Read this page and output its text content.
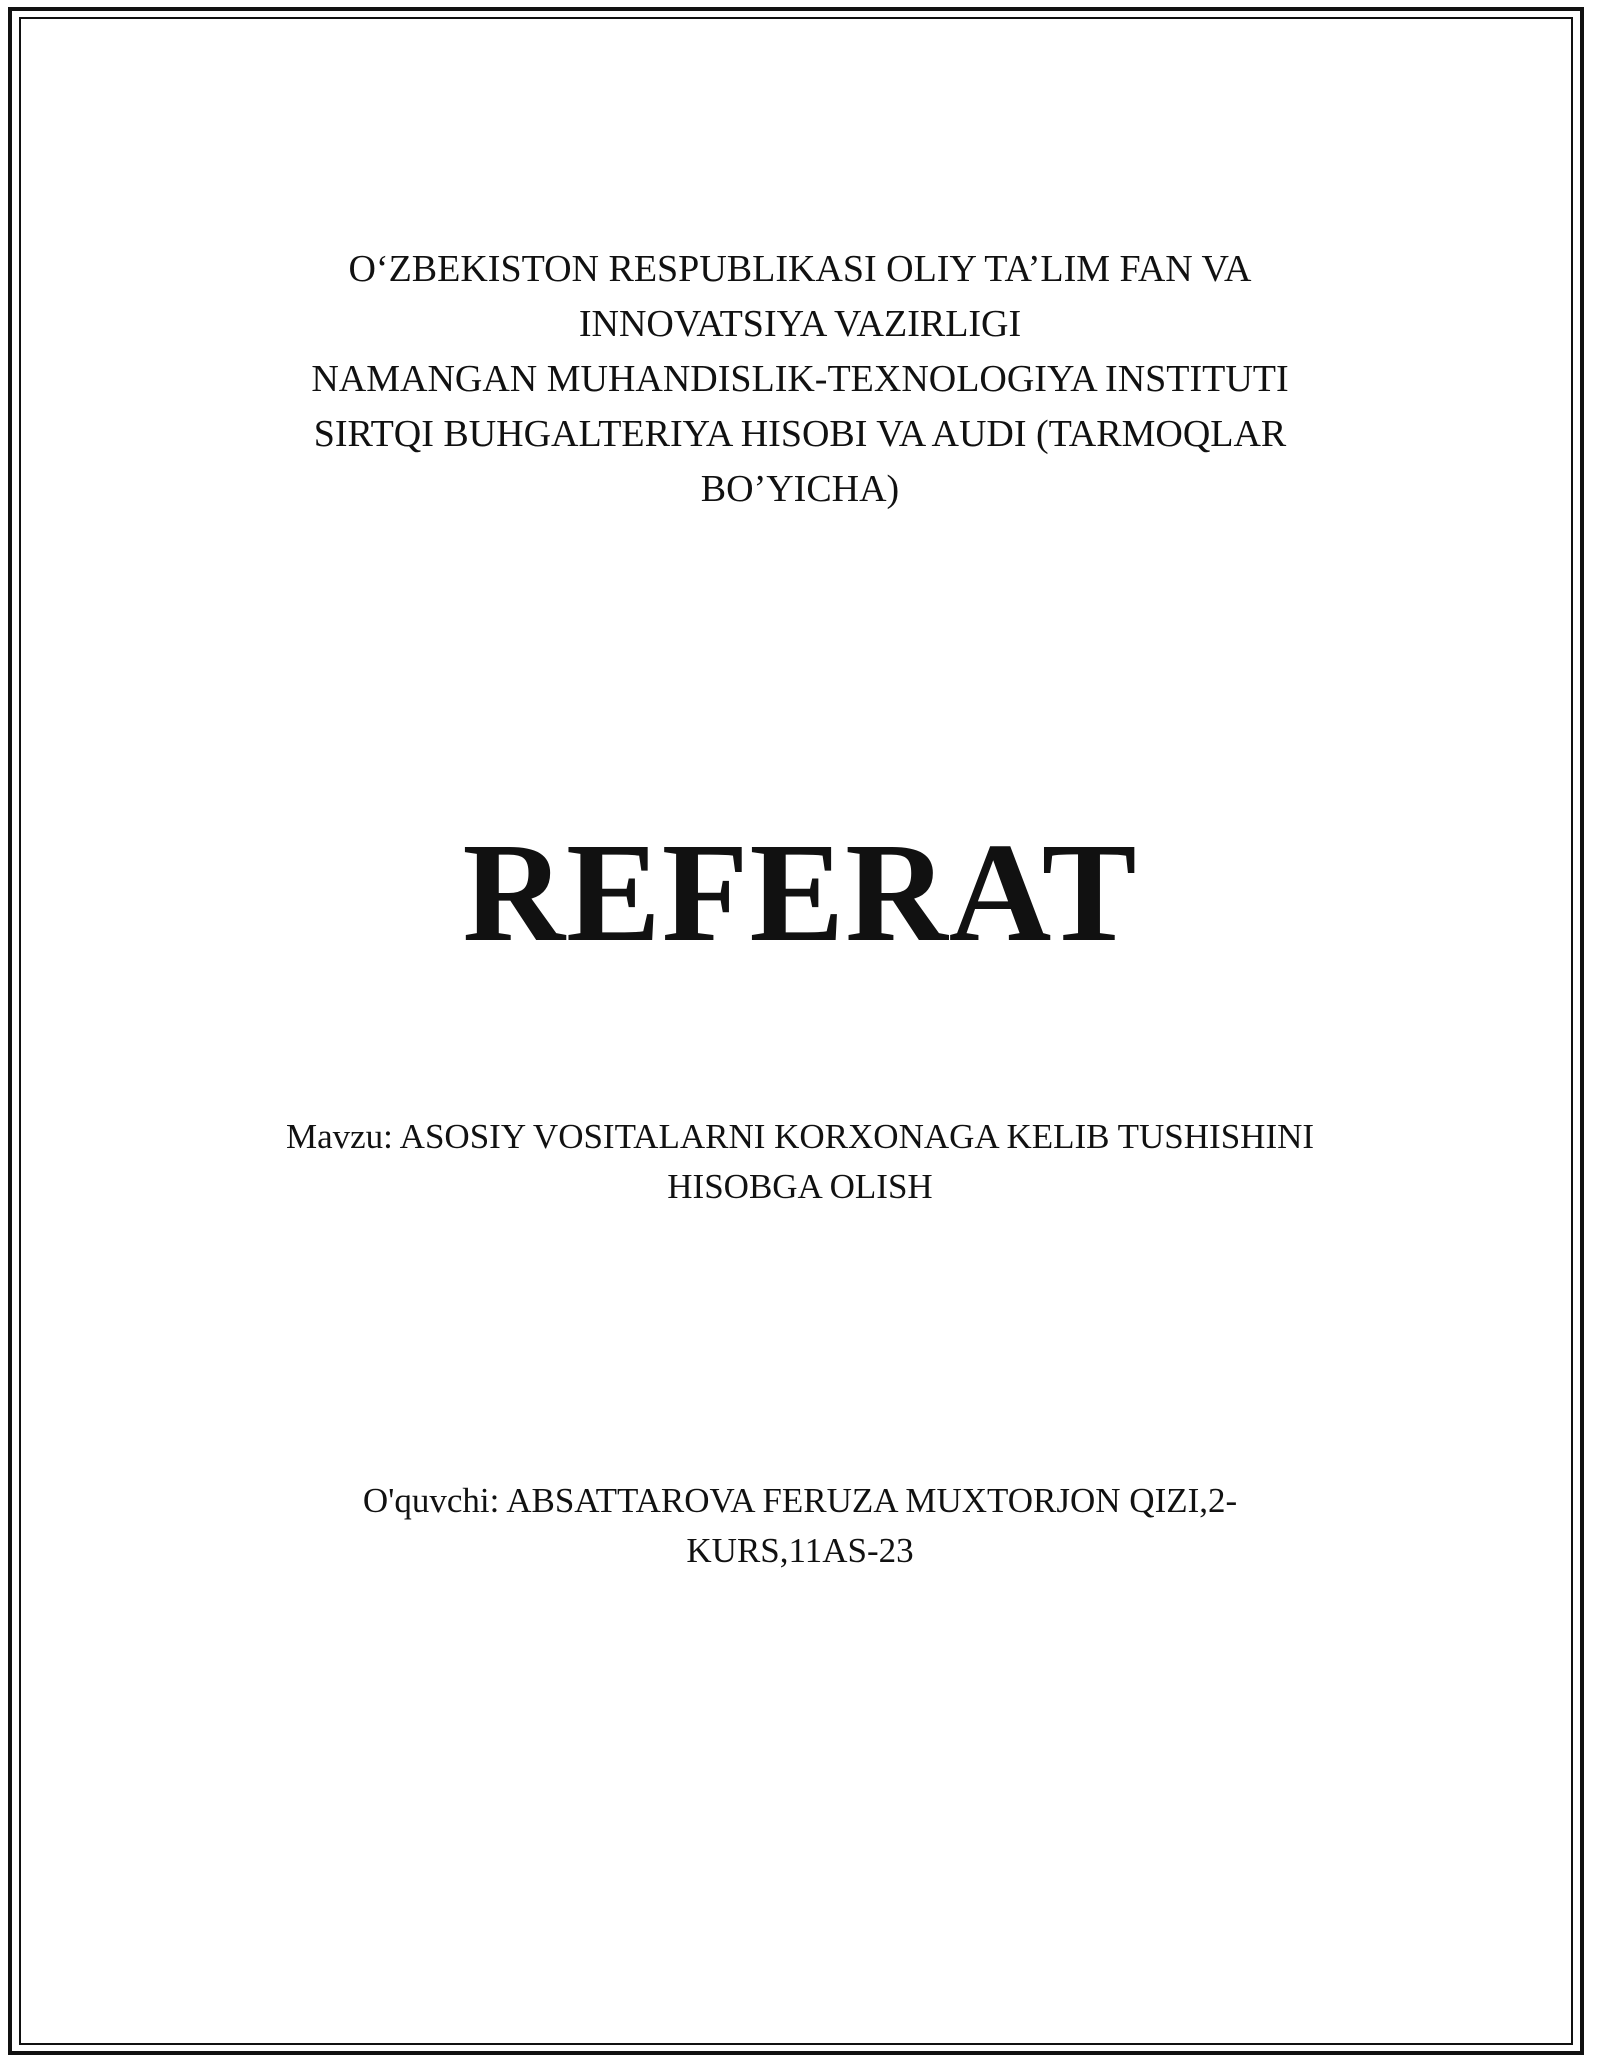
O‘ZBEKISTON RESPUBLIKASI OLIY TA’LIM FAN VA
INNOVATSIYA VAZIRLIGI
NAMANGAN MUHANDISLIK-TEXNOLOGIYA INSTITUTI
SIRTQI BUHGALTERIYA HISOBI VA AUDI (TARMOQLAR
BO’YICHA)
REFERAT
Mavzu: ASOSIY VOSITALARNI KORXONAGA KELIB TUSHISHINI
HISOBGA OLISH
O'quvchi: ABSATTAROVA FERUZA MUXTORJON QIZI,2-
KURS,11AS-23
